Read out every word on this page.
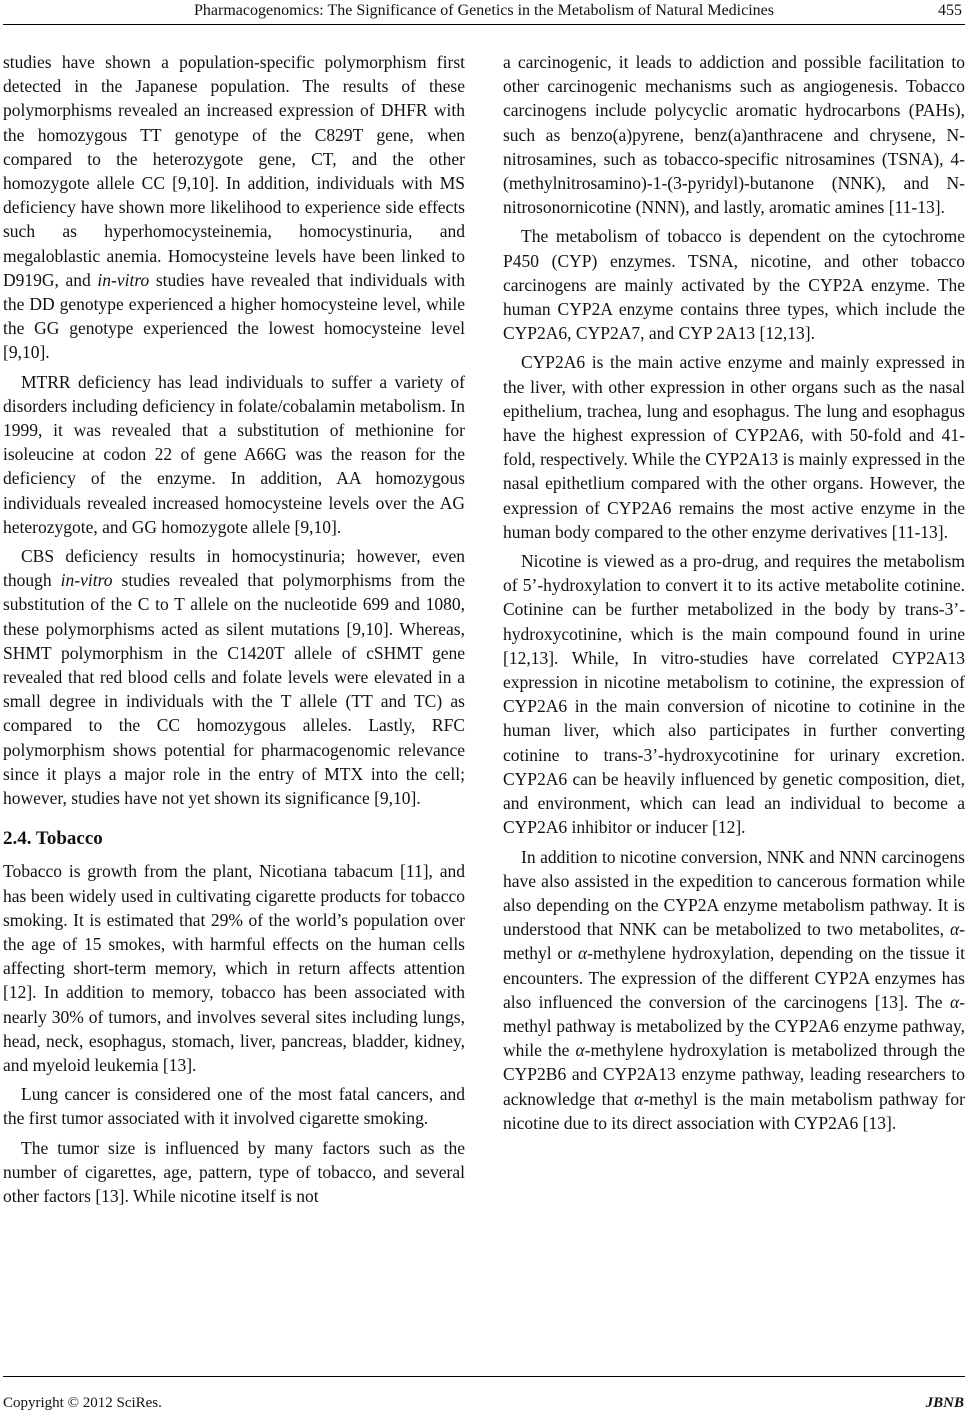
Pharmacogenomics: The Significance of Genetics in the Metabolism of Natural Medicines	455

studies have shown a population-specific polymorphism first detected in the Japanese population. The results of these polymorphisms revealed an increased expression of DHFR with the homozygous TT genotype of the C829T gene, when compared to the heterozygote gene, CT, and the other homozygote allele CC [9,10]. In addition, individuals with MS deficiency have shown more likelihood to experience side effects such as hyperhomocysteinemia, homocystinuria, and megaloblastic anemia. Homocysteine levels have been linked to D919G, and in-vitro studies have revealed that individuals with the DD genotype experienced a higher homocysteine level, while the GG genotype experienced the lowest homocysteine level [9,10].

MTRR deficiency has lead individuals to suffer a variety of disorders including deficiency in folate/cobalamin metabolism. In 1999, it was revealed that a substitution of methionine for isoleucine at codon 22 of gene A66G was the reason for the deficiency of the enzyme. In addition, AA homozygous individuals revealed increased homocysteine levels over the AG heterozygote, and GG homozygote allele [9,10].

CBS deficiency results in homocystinuria; however, even though in-vitro studies revealed that polymorphisms from the substitution of the C to T allele on the nucleotide 699 and 1080, these polymorphisms acted as silent mutations [9,10]. Whereas, SHMT polymorphism in the C1420T allele of cSHMT gene revealed that red blood cells and folate levels were elevated in a small degree in individuals with the T allele (TT and TC) as compared to the CC homozygous alleles. Lastly, RFC polymorphism shows potential for pharmacogenomic relevance since it plays a major role in the entry of MTX into the cell; however, studies have not yet shown its significance [9,10].

2.4. Tobacco

Tobacco is growth from the plant, Nicotiana tabacum [11], and has been widely used in cultivating cigarette products for tobacco smoking. It is estimated that 29% of the world’s population over the age of 15 smokes, with harmful effects on the human cells affecting short-term memory, which in return affects attention [12]. In addition to memory, tobacco has been associated with nearly 30% of tumors, and involves several sites including lungs, head, neck, esophagus, stomach, liver, pancreas, bladder, kidney, and myeloid leukemia [13].

Lung cancer is considered one of the most fatal cancers, and the first tumor associated with it involved cigarette smoking.

The tumor size is influenced by many factors such as the number of cigarettes, age, pattern, type of tobacco, and several other factors [13]. While nicotine itself is not

a carcinogenic, it leads to addiction and possible facilitation to other carcinogenic mechanisms such as angiogenesis. Tobacco carcinogens include polycyclic aromatic hydrocarbons (PAHs), such as benzo(a)pyrene, benz(a)anthracene and chrysene, N-nitrosamines, such as tobacco-specific nitrosamines (TSNA), 4-(methylnitrosamino)-1-(3-pyridyl)-butanone (NNK), and N-nitrosonornicotine (NNN), and lastly, aromatic amines [11-13].

The metabolism of tobacco is dependent on the cytochrome P450 (CYP) enzymes. TSNA, nicotine, and other tobacco carcinogens are mainly activated by the CYP2A enzyme. The human CYP2A enzyme contains three types, which include the CYP2A6, CYP2A7, and CYP 2A13 [12,13].

CYP2A6 is the main active enzyme and mainly expressed in the liver, with other expression in other organs such as the nasal epithelium, trachea, lung and esophagus. The lung and esophagus have the highest expression of CYP2A6, with 50-fold and 41-fold, respectively. While the CYP2A13 is mainly expressed in the nasal epithetlium compared with the other organs. However, the expression of CYP2A6 remains the most active enzyme in the human body compared to the other enzyme derivatives [11-13].

Nicotine is viewed as a pro-drug, and requires the metabolism of 5’-hydroxylation to convert it to its active metabolite cotinine. Cotinine can be further metabolized in the body by trans-3’-hydroxycotinine, which is the main compound found in urine [12,13]. While, In vitro-studies have correlated CYP2A13 expression in nicotine metabolism to cotinine, the expression of CYP2A6 in the main conversion of nicotine to cotinine in the human liver, which also participates in further converting cotinine to trans-3’-hydroxycotinine for urinary excretion. CYP2A6 can be heavily influenced by genetic composition, diet, and environment, which can lead an individual to become a CYP2A6 inhibitor or inducer [12].

In addition to nicotine conversion, NNK and NNN carcinogens have also assisted in the expedition to cancerous formation while also depending on the CYP2A enzyme metabolism pathway. It is understood that NNK can be metabolized to two metabolites, α-methyl or α-methylene hydroxylation, depending on the tissue it encounters. The expression of the different CYP2A enzymes has also influenced the conversion of the carcinogens [13]. The α-methyl pathway is metabolized by the CYP2A6 enzyme pathway, while the α-methylene hydroxylation is metabolized through the CYP2B6 and CYP2A13 enzyme pathway, leading researchers to acknowledge that α-methyl is the main metabolism pathway for nicotine due to its direct association with CYP2A6 [13].

Copyright © 2012 SciRes.	JBNB
